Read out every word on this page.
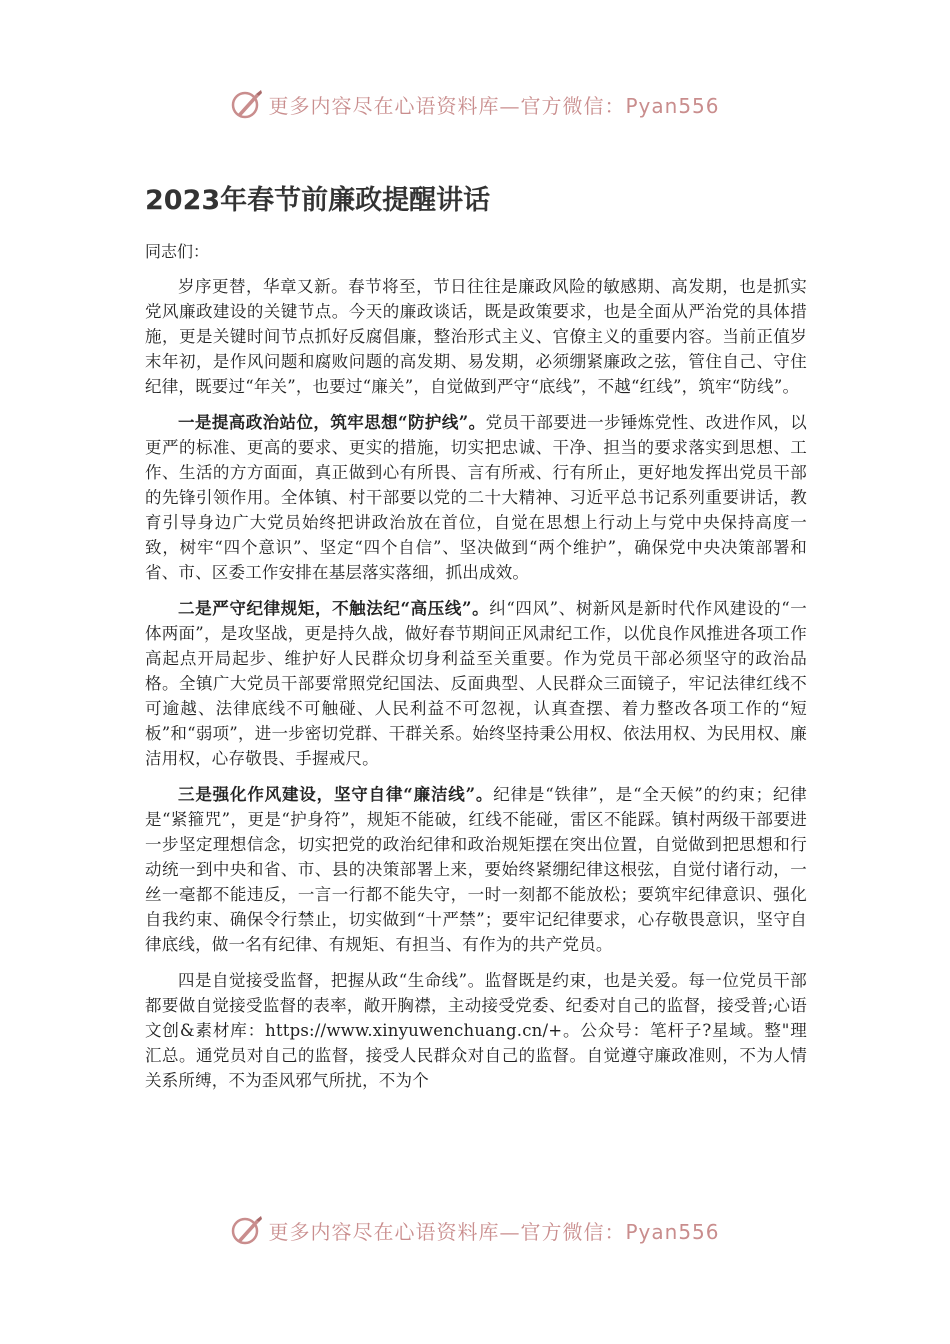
更多内容尽在心语资料库—官方微信：Pyan556
2023年春节前廉政提醒讲话
同志们：

岁序更替，华章又新。春节将至，节日往往是廉政风险的敏感期、高发期，也是抓实党风廉政建设的关键节点。今天的廉政谈话，既是政策要求，也是全面从严治党的具体措施，更是关键时间节点抓好反腐倡廉，整治形式主义、官僚主义的重要内容。当前正值岁末年初，是作风问题和腐败问题的高发期、易发期，必须绷紧廉政之弦，管住自己、守住纪律，既要过“年关”，也要过“廉关”，自觉做到严守“底线”，不越“红线”，筑牢“防线”。

一是提高政治站位，筑牢思想“防护线”。党员干部要进一步锤炼党性、改进作风，以更严的标准、更高的要求、更实的措施，切实把忠诚、干净、担当的要求落实到思想、工作、生活的方方面面，真正做到心有所畏、言有所戒、行有所止，更好地发挥出党员干部的先锋引领作用。全体镇、村干部要以党的二十大精神、习近平总书记系列重要讲话，教育引导身边广大党员始终把讲政治放在首位，自觉在思想上行动上与党中央保持高度一致，树牢“四个意识”、坚定“四个自信”、坚决做到“两个维护”，确保党中央决策部署和省、市、区委工作安排在基层落实落细，抓出成效。

二是严守纪律规矩，不触法纪“高压线”。纠“四风”、树新风是新时代作风建设的“一体两面”，是攻坚战，更是持久战，做好春节期间正风肃纪工作，以优良作风推进各项工作高起点开局起步、维护好人民群众切身利益至关重要。作为党员干部必须坚守的政治品格。全镇广大党员干部要常照党纪国法、反面典型、人民群众三面镜子，牢记法律红线不可逾越、法律底线不可触碰、人民利益不可忽视，认真查摆、着力整改各项工作的“短板”和“弱项”，进一步密切党群、干群关系。始终坚持秉公用权、依法用权、为民用权、廉洁用权，心存敬畏、手握戒尺。

三是强化作风建设，坚守自律“廉洁线”。纪律是“铁律”，是“全天候”的约束；纪律是“紧箍咒”，更是“护身符”，规矩不能破，红线不能碰，雷区不能踩。镇村两级干部要进一步坚定理想信念，切实把党的政治纪律和政治规矩摆在突出位置，自觉做到把思想和行动统一到中央和省、市、县的决策部署上来，要始终紧绷纪律这根弦，自觉付诸行动，一丝一毫都不能违反，一言一行都不能失守，一时一刻都不能放松；要筑牢纪律意识、强化自我约束、确保令行禁止，切实做到“十严禁”；要牢记纪律要求，心存敬畏意识，坚守自律底线，做一名有纪律、有规矩、有担当、有作为的共产党员。

四是自觉接受监督，把握从政“生命线”。监督既是约束，也是关爱。每一位党员干部都要做自觉接受监督的表率，敞开胸襟，主动接受党委、纪委对自己的监督，接受普;心语文创&素材库：https://www.xinyuwenchuang.cn/+。公众号：笔杆子?星域。整"理汇总。通党员对自己的监督，接受人民群众对自己的监督。自觉遵守廉政准则，不为人情关系所缚，不为歪风邪气所扰，不为个

更多内容尽在心语资料库—官方微信：Pyan556
